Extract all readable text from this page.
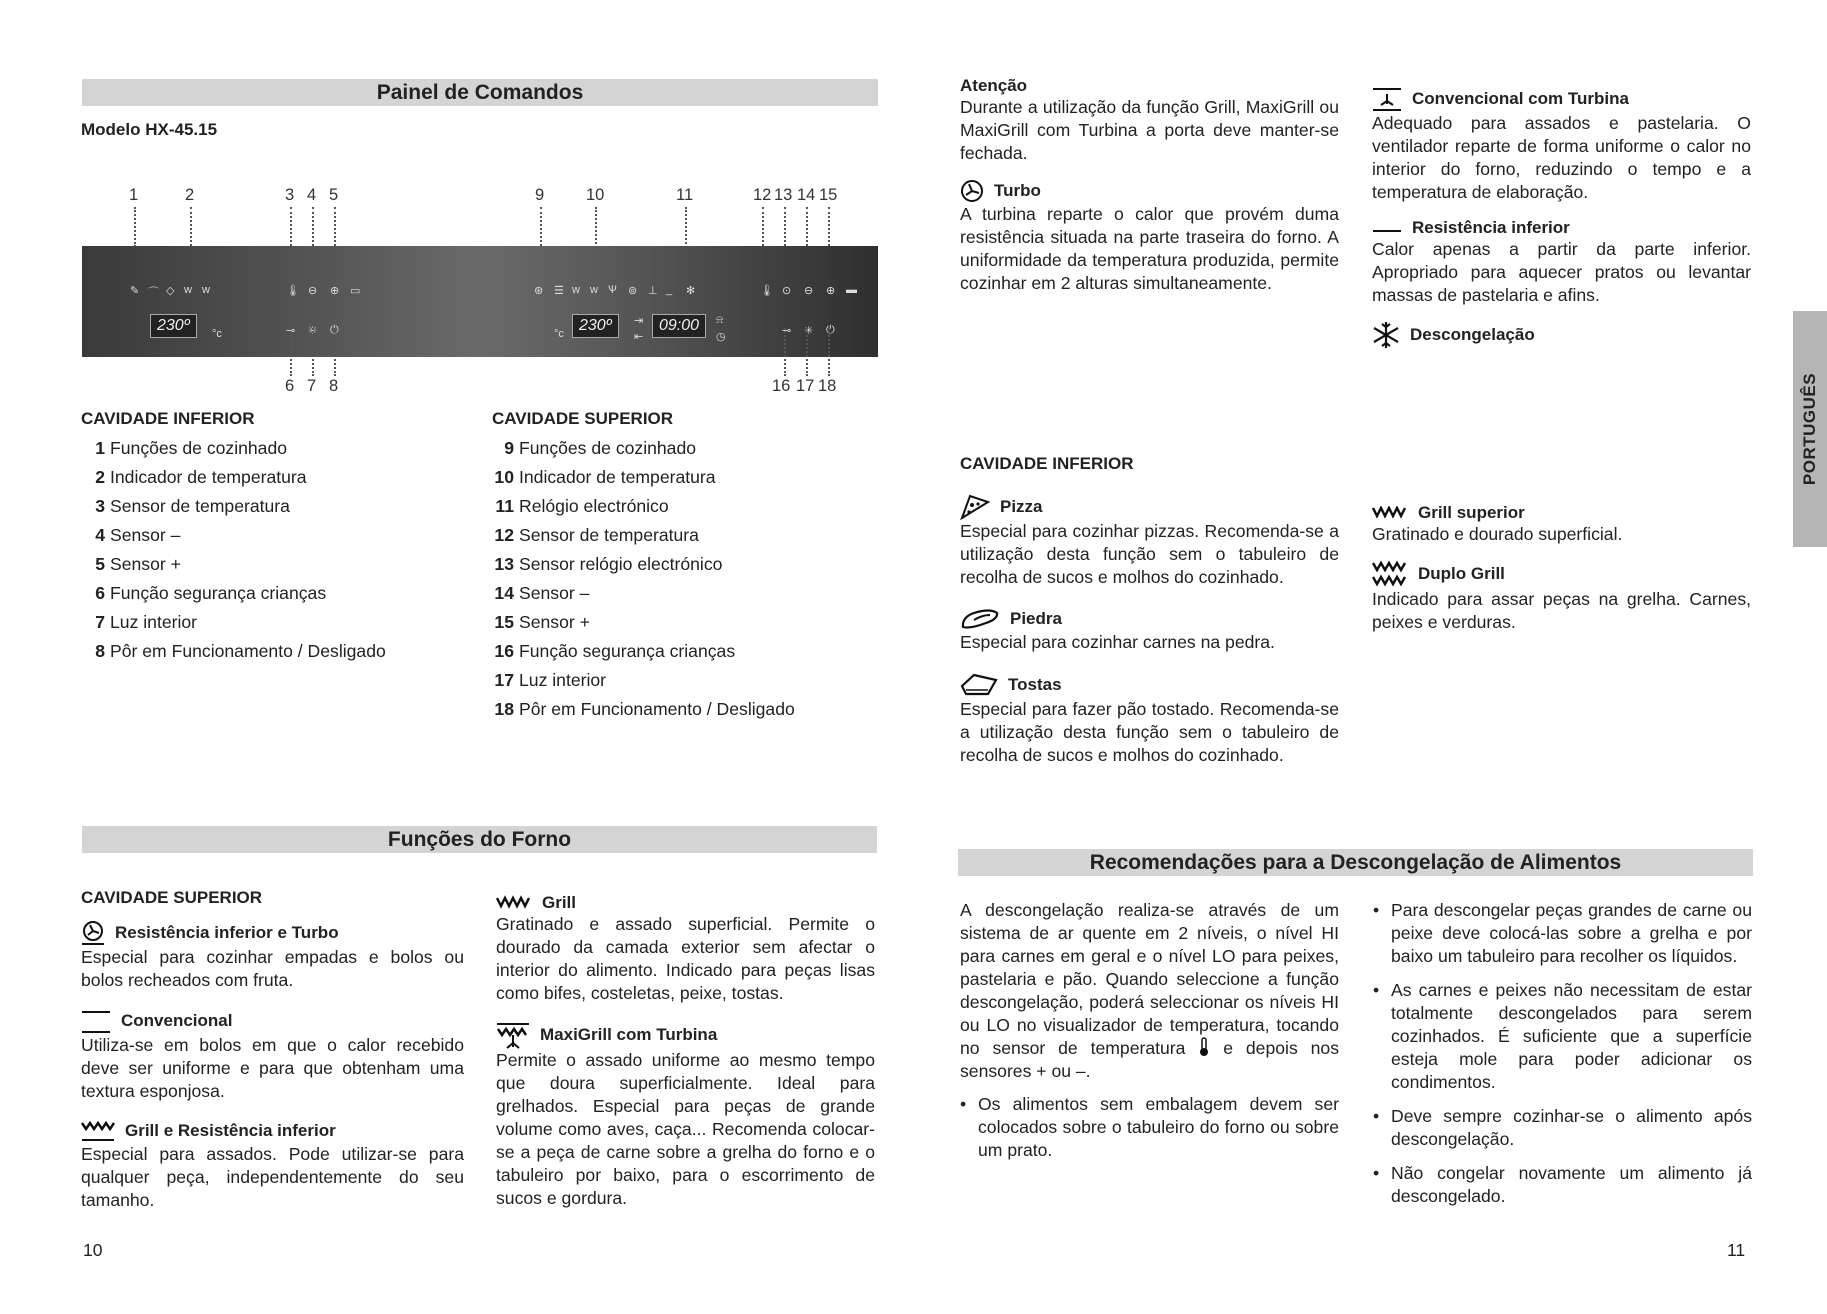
Painel de Comandos
Modelo HX-45.15
1	2	3 4 5	9	10	11	12 13 14 15
✎ ⌒ ◇ ᴡ ᴡ	🌡 ⊖ ⊕ ▭
230º	°c	⊸ ✳ ⏻
⊛ ☰ ᴡ ᴡ Ѱ ⊚ ⊥ _ ✻	🌡 ⊙ ⊖ ⊕ ▬
°c 230º	⇥
⇤
09:00	⍾
◷	⊸ ✳ ⏻
6 7 8	16 17 18
CAVIDADE INFERIOR
1 Funções de cozinhado
2 Indicador de temperatura
3 Sensor de temperatura
4 Sensor –
5 Sensor +
6 Função segurança crianças
7 Luz interior
8 Pôr em Funcionamento / Desligado
CAVIDADE SUPERIOR
9 Funções de cozinhado
10 Indicador de temperatura
11 Relógio electrónico
12 Sensor de temperatura
13 Sensor relógio electrónico
14 Sensor –
15 Sensor +
16 Função segurança crianças
17 Luz interior
18 Pôr em Funcionamento / Desligado
Funções do Forno
CAVIDADE SUPERIOR
Resistência inferior e Turbo
Especial para cozinhar empadas e bolos ou bolos recheados com fruta.
Convencional
Utiliza-se em bolos em que o calor recebido deve ser uniforme e para que obtenham uma textura esponjosa.
Grill e Resistência inferior
Especial para assados. Pode utilizar-se para qualquer peça, independentemente do seu tamanho.
Grill
Gratinado e assado superficial. Permite o dourado da camada exterior sem afectar o interior do alimento. Indicado para peças lisas como bifes, costeletas, peixe, tostas.
MaxiGrill com Turbina
Permite o assado uniforme ao mesmo tempo que doura superficialmente. Ideal para grelhados. Especial para peças de grande volume como aves, caça... Recomenda colocar-se a peça de carne sobre a grelha do forno e o tabuleiro por baixo, para o escorrimento de sucos e gordura.
10
Atenção
Durante a utilização da função Grill, MaxiGrill ou MaxiGrill com Turbina a porta deve manter-se fechada.
Turbo
A turbina reparte o calor que provém duma resistência situada na parte traseira do forno. A uniformidade da temperatura produzida, permite cozinhar em 2 alturas simultaneamente.
Convencional com Turbina
Adequado para assados e pastelaria. O ventilador reparte de forma uniforme o calor no interior do forno, reduzindo o tempo e a temperatura de elaboração.
Resistência inferior
Calor apenas a partir da parte inferior. Apropriado para aquecer pratos ou levantar massas de pastelaria e afins.
Descongelação
CAVIDADE INFERIOR
Pizza
Especial para cozinhar pizzas. Recomenda-se a utilização desta função sem o tabuleiro de recolha de sucos e molhos do cozinhado.
Piedra
Especial para cozinhar carnes na pedra.
Tostas
Especial para fazer pão tostado. Recomenda-se a utilização desta função sem o tabuleiro de recolha de sucos e molhos do cozinhado.
Grill superior
Gratinado e dourado superficial.
Duplo Grill
Indicado para assar peças na grelha. Carnes, peixes e verduras.
PORTUGUÊS
Recomendações para a Descongelação de Alimentos
A descongelação realiza-se através de um sistema de ar quente em 2 níveis, o nível HI para carnes em geral e o nível LO para peixes, pastelaria e pão. Quando seleccione a função descongelação, poderá seleccionar os níveis HI ou LO no visualizador de temperatura, tocando no sensor de temperatura e depois nos sensores + ou –.
• Os alimentos sem embalagem devem ser colocados sobre o tabuleiro do forno ou sobre um prato.
• Para descongelar peças grandes de carne ou peixe deve colocá-las sobre a grelha e por baixo um tabuleiro para recolher os líquidos.
• As carnes e peixes não necessitam de estar totalmente descongelados para serem cozinhados. É suficiente que a superfície esteja mole para poder adicionar os condimentos.
• Deve sempre cozinhar-se o alimento após descongelação.
• Não congelar novamente um alimento já descongelado.
11
